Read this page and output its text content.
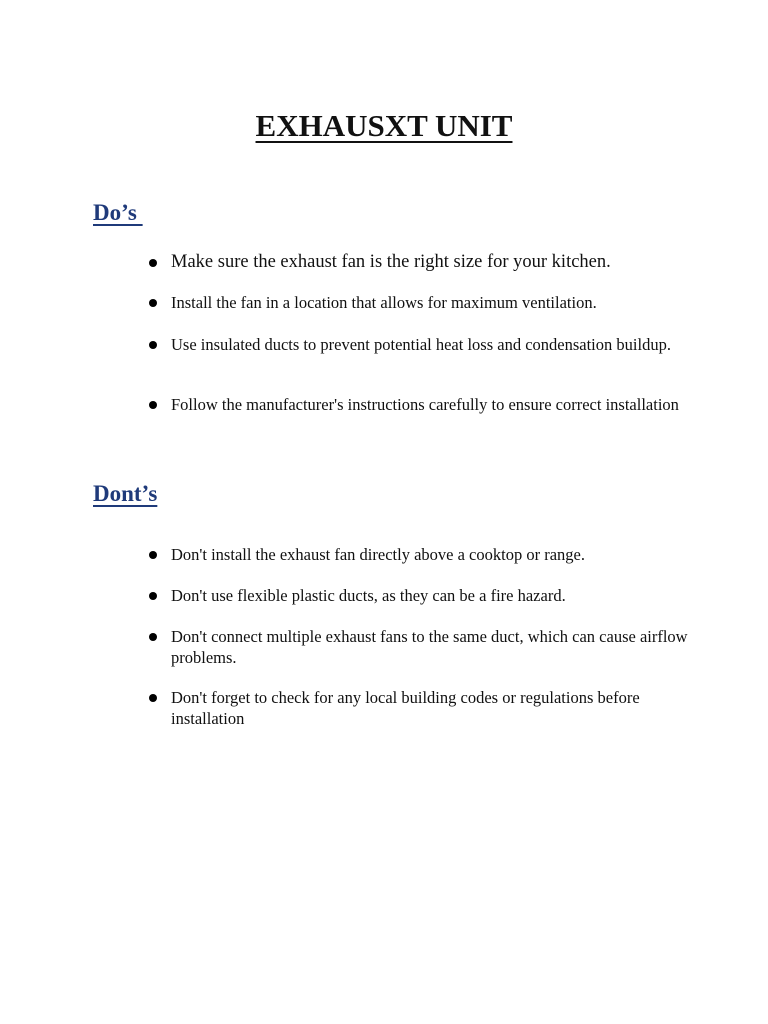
EXHAUSXT UNIT
Do’s
Make sure the exhaust fan is the right size for your kitchen.
Install the fan in a location that allows for maximum ventilation.
Use insulated ducts to prevent potential heat loss and condensation buildup.
Follow the manufacturer's instructions carefully to ensure correct installation
Dont’s
Don't install the exhaust fan directly above a cooktop or range.
Don't use flexible plastic ducts, as they can be a fire hazard.
Don't connect multiple exhaust fans to the same duct, which can cause airflow problems.
Don't forget to check for any local building codes or regulations before installation
